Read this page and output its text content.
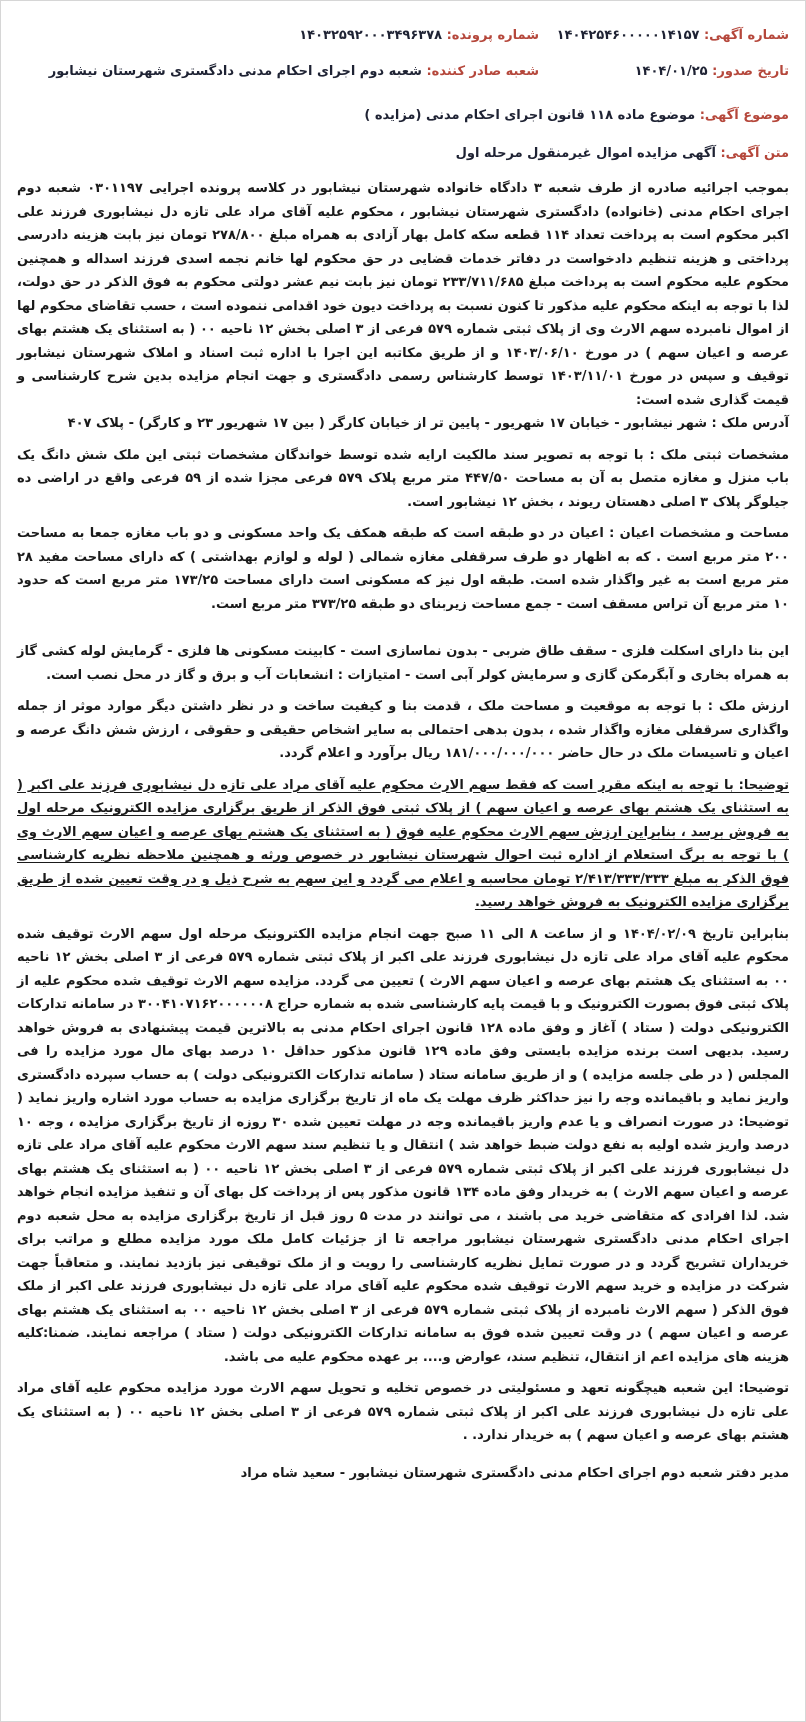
شماره آگهی: ۱۴۰۴۲۵۴۶۰۰۰۰۰۱۴۱۵۷
شماره پرونده: ۱۴۰۳۲۵۹۲۰۰۰۳۴۹۶۳۷۸
تاریخ صدور: ۱۴۰۴/۰۱/۲۵
شعبه صادر کننده: شعبه دوم اجرای احکام مدنی دادگستری شهرستان نیشابور
موضوع آگهی: موضوع ماده ۱۱۸ قانون اجرای احکام مدنی (مزایده )
متن آگهی: آگهی مزایده اموال غیرمنقول مرحله اول

بموجب اجرائیه صادره از طرف شعبه ۳ دادگاه خانواده شهرستان نیشابور در کلاسه پرونده اجرایی ۰۳۰۱۱۹۷ شعبه دوم اجرای احکام مدنی (خانواده) دادگستری شهرستان نیشابور ، محکوم علیه آقای مراد علی تازه دل نیشابوری فرزند علی اکبر محکوم است به پرداخت تعداد ۱۱۴ قطعه سکه کامل بهار آزادی به همراه مبلغ ۲۷۸/۸۰۰ تومان نیز بابت هزینه دادرسی پرداختی و هزینه تنظیم دادخواست در دفاتر خدمات قضایی در حق محکوم لها خانم نجمه اسدی فرزند اسداله و همچنین محکوم علیه محکوم است به پرداخت مبلغ ۲۳۳/۷۱۱/۶۸۵ تومان نیز بابت نیم عشر دولتی محکوم به فوق الذکر در حق دولت، لذا با توجه به اینکه محکوم علیه مذکور تا کنون نسبت به پرداخت دیون خود اقدامی ننموده است ، حسب تقاضای محکوم لها از اموال نامبرده سهم الارث وی از پلاک ثبتی شماره ۵۷۹ فرعی از ۳ اصلی بخش ۱۲ ناحیه ۰۰ ( به استثنای یک هشتم بهای عرصه و اعیان سهم ) در مورخ ۱۴۰۳/۰۶/۱۰ و از طریق مکاتبه این اجرا با اداره ثبت اسناد و املاک شهرستان نیشابور توقیف و سپس در مورخ ۱۴۰۳/۱۱/۰۱ توسط کارشناس رسمی دادگستری و جهت انجام مزایده بدین شرح کارشناسی و قیمت گذاری شده است:

آدرس ملک : شهر نیشابور - خیابان ۱۷ شهریور - پایین تر از خیابان کارگر ( بین ۱۷ شهریور ۲۳ و کارگر) - پلاک ۴۰۷

مشخصات ثبتی ملک : با توجه به تصویر سند مالکیت ارایه شده توسط خواندگان مشخصات ثبتی این ملک شش دانگ یک باب منزل و مغازه متصل به آن به مساحت ۴۴۷/۵۰ متر مربع پلاک ۵۷۹ فرعی مجزا شده از ۵۹ فرعی واقع در اراضی ده جیلوگر پلاک ۳ اصلی دهستان ریوند ، بخش ۱۲ نیشابور است.

مساحت و مشخصات اعیان : اعیان در دو طبقه است که طبقه همکف یک واحد مسکونی و دو باب مغازه جمعا به مساحت ۲۰۰ متر مربع است . که به اظهار دو طرف سرقفلی مغازه شمالی ( لوله و لوازم بهداشتی ) که دارای مساحت مفید ۲۸ متر مربع است به غیر واگذار شده است. طبقه اول نیز که مسکونی است دارای مساحت ۱۷۳/۲۵ متر مربع است که حدود ۱۰ متر مربع آن تراس مسقف است - جمع مساحت زیربنای دو طبقه ۳۷۳/۲۵ متر مربع است.

این بنا دارای اسکلت فلزی - سقف طاق ضربی - بدون نماسازی است - کابینت مسکونی ها فلزی - گرمایش لوله کشی گاز به همراه بخاری و آبگرمکن گازی و سرمایش کولر آبی است - امتیازات : انشعابات آب و برق و گاز در محل نصب است.

ارزش ملک : با توجه به موقعیت و مساحت ملک ، قدمت بنا و کیفیت ساخت و در نظر داشتن دیگر موارد موثر از جمله واگذاری سرقفلی مغازه واگذار شده ، بدون بدهی احتمالی به سایر اشخاص حقیقی و حقوقی ، ارزش شش دانگ عرصه و اعیان و تاسیسات ملک در حال حاضر ۱۸۱/۰۰۰/۰۰۰/۰۰۰ ریال برآورد و اعلام گردد.

توضیحا: با توجه به اینکه مقرر است که فقط سهم الارث محکوم علیه آقای مراد علی تازه دل نیشابوری فرزند علی اکبر ( به استثنای یک هشتم بهای عرصه و اعیان سهم ) از پلاک ثبتی فوق الذکر از طریق برگزاری مزایده الکترونیک مرحله اول به فروش برسد ، بنابراین ارزش سهم الارث محکوم علیه فوق ( به استثنای یک هشتم بهای عرصه و اعیان سهم الارث وی ) با توجه به برگ استعلام از اداره ثبت احوال شهرستان نیشابور در خصوص ورثه و همچنین ملاحظه نظریه کارشناسی فوق الذکر به مبلغ ۲/۴۱۳/۳۳۳/۳۳۳ تومان محاسبه و اعلام می گردد و این سهم به شرح ذیل و در وقت تعیین شده از طریق برگزاری مزایده الکترونیک به فروش خواهد رسید.

بنابراین تاریخ ۱۴۰۴/۰۲/۰۹ و از ساعت ۸ الی ۱۱ صبح جهت انجام مزایده الکترونیک مرحله اول سهم الارث توقیف شده محکوم علیه آقای مراد علی تازه دل نیشابوری فرزند علی اکبر از پلاک ثبتی شماره ۵۷۹ فرعی از ۳ اصلی بخش ۱۲ ناحیه ۰۰ به استثنای یک هشتم بهای عرصه و اعیان سهم الارث ) تعیین می گردد. مزایده سهم الارث توقیف شده محکوم علیه از پلاک ثبتی فوق بصورت الکترونیک و با قیمت پایه کارشناسی شده به شماره حراج ۳۰۰۴۱۰۷۱۶۲۰۰۰۰۰۰۸ در سامانه تدارکات الکترونیکی دولت ( ستاد ) آغاز و وفق ماده ۱۲۸ قانون اجرای احکام مدنی به بالاترین قیمت پیشنهادی به فروش خواهد رسید. بدیهی است برنده مزایده بایستی وفق ماده ۱۲۹ قانون مذکور حداقل ۱۰ درصد بهای مال مورد مزایده را فی المجلس ( در طی جلسه مزایده ) و از طریق سامانه ستاد ( سامانه تدارکات الکترونیکی دولت ) به حساب سپرده دادگستری واریز نماید و باقیمانده وجه را نیز حداکثر ظرف مهلت یک ماه از تاریخ برگزاری مزایده به حساب مورد اشاره واریز نماید ( توضیحا: در صورت انصراف و یا عدم واریز باقیمانده وجه در مهلت تعیین شده ۳۰ روزه از تاریخ برگزاری مزایده ، وجه ۱۰ درصد واریز شده اولیه به نفع دولت ضبط خواهد شد ) انتقال و یا تنظیم سند سهم الارث محکوم علیه آقای مراد علی تازه دل نیشابوری فرزند علی اکبر از پلاک ثبتی شماره ۵۷۹ فرعی از ۳ اصلی بخش ۱۲ ناحیه ۰۰ ( به استثنای یک هشتم بهای عرصه و اعیان سهم الارث ) به خریدار وفق ماده ۱۳۴ قانون مذکور پس از پرداخت کل بهای آن و تنفیذ مزایده انجام خواهد شد. لذا افرادی که متقاضی خرید می باشند ، می توانند در مدت ۵ روز قبل از تاریخ برگزاری مزایده به محل شعبه دوم اجرای احکام مدنی دادگستری شهرستان نیشابور مراجعه تا از جزئیات کامل ملک مورد مزایده مطلع و مراتب برای خریداران تشریح گردد و در صورت تمایل نظریه کارشناسی را رویت و از ملک توقیفی نیز بازدید نمایند. و متعاقباً جهت شرکت در مزایده و خرید سهم الارث توقیف شده محکوم علیه آقای مراد علی تازه دل نیشابوری فرزند علی اکبر از ملک فوق الذکر ( سهم الارث نامبرده از پلاک ثبتی شماره ۵۷۹ فرعی از ۳ اصلی بخش ۱۲ ناحیه ۰۰ به استثنای یک هشتم بهای عرصه و اعیان سهم ) در وقت تعیین شده فوق به سامانه تدارکات الکترونیکی دولت ( ستاد ) مراجعه نمایند. ضمنا:کلیه هزینه های مزایده اعم از انتقال، تنظیم سند، عوارض و.... بر عهده محکوم علیه می باشد.

توضیحا: این شعبه هیچگونه تعهد و مسئولیتی در خصوص تخلیه و تحویل سهم الارث مورد مزایده محکوم علیه آقای مراد علی تازه دل نیشابوری فرزند علی اکبر از پلاک ثبتی شماره ۵۷۹ فرعی از ۳ اصلی بخش ۱۲ ناحیه ۰۰ ( به استثنای یک هشتم بهای عرصه و اعیان سهم ) به خریدار ندارد. .

مدیر دفتر شعبه دوم اجرای احکام مدنی دادگستری شهرستان نیشابور - سعید شاه مراد
